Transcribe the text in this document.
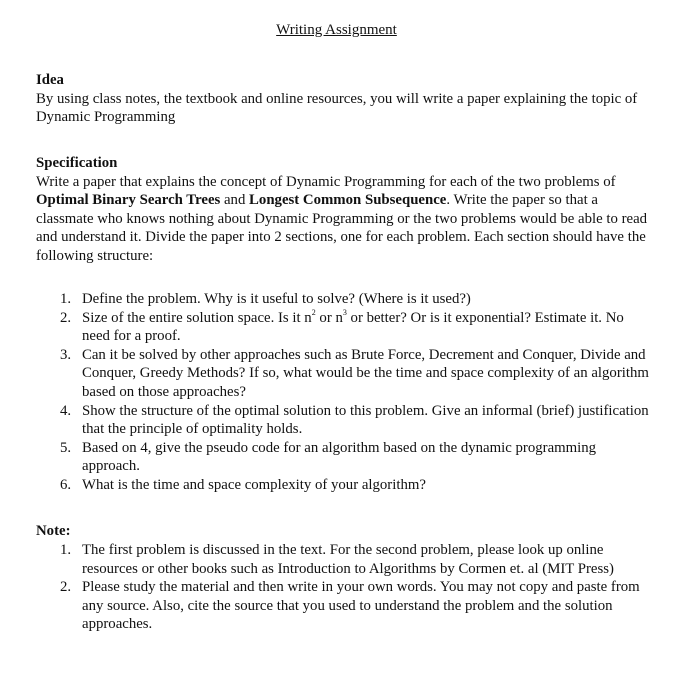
Writing Assignment
Idea

By using class notes, the textbook and online resources, you will write a paper explaining the topic of Dynamic Programming

Specification

Write a paper that explains the concept of Dynamic Programming for each of the two problems of Optimal Binary Search Trees and Longest Common Subsequence. Write the paper so that a classmate who knows nothing about Dynamic Programming or the two problems would be able to read and understand it. Divide the paper into 2 sections, one for each problem. Each section should have the following structure:

1. Define the problem. Why is it useful to solve? (Where is it used?)
2. Size of the entire solution space. Is it $n^2$ or $n^3$ or better? Or is it exponential? Estimate it. No need for a proof.
3. Can it be solved by other approaches such as Brute Force, Decrement and Conquer, Divide and Conquer, Greedy Methods? If so, what would be the time and space complexity of an algorithm based on those approaches?
4. Show the structure of the optimal solution to this problem. Give an informal (brief) justification that the principle of optimality holds.
5. Based on 4, give the pseudo code for an algorithm based on the dynamic programming approach.
6. What is the time and space complexity of your algorithm?
Note:
1. The first problem is discussed in the text. For the second problem, please look up online resources or other books such as Introduction to Algorithms by Cormen et. al (MIT Press)
2. Please study the material and then write in your own words. You may not copy and paste from any source. Also, cite the source that you used to understand the problem and the solution approaches.
